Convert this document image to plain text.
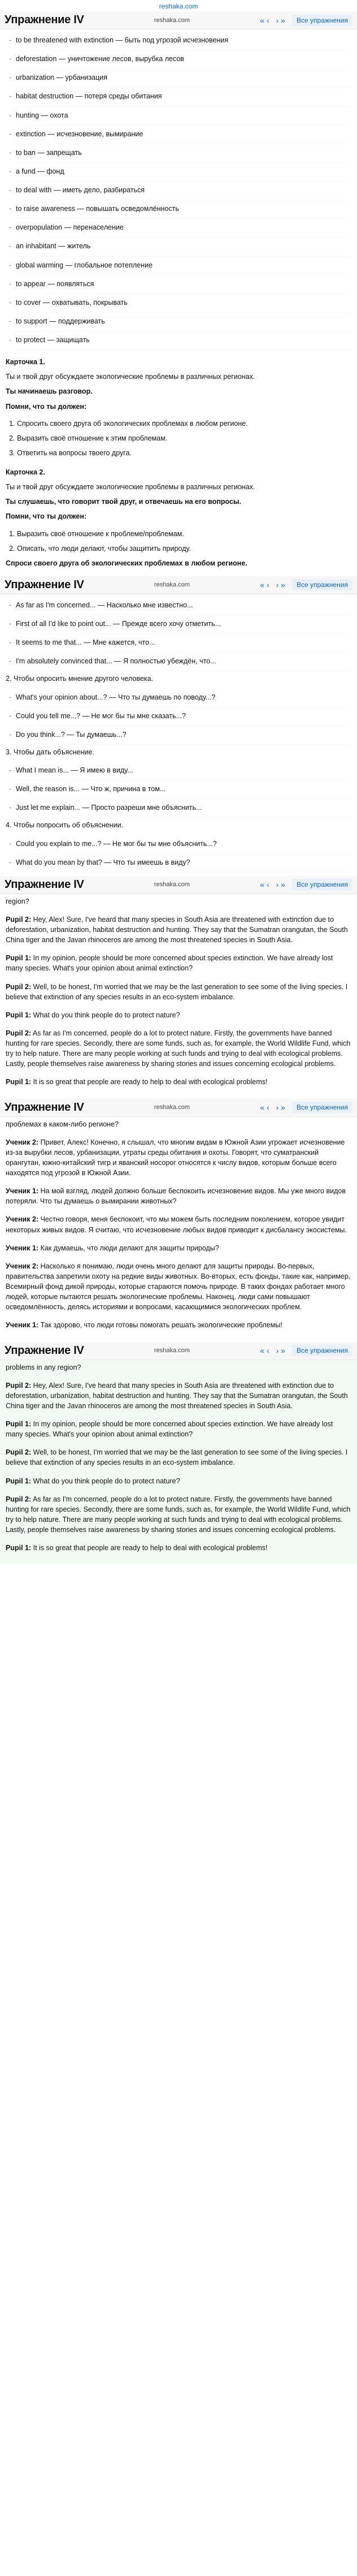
reshaka.com
Упражнение IV	reshaka.com	« ‹ › »	Все упражнения
- to be threatened with extinction — быть под угрозой исчезновения
- deforestation — уничтожение лесов, вырубка лесов
- urbanization — урбанизация
- habitat destruction — потеря среды обитания
- hunting — охота
- extinction — исчезновение, вымирание
- to ban — запрещать
- a fund — фонд
- to deal with — иметь дело, разбираться
- to raise awareness — повышать осведомлённость
- overpopulation — перенаселение
- an inhabitant — житель
- global warming — глобальное потепление
- to appear — появляться
- to cover — охватывать, покрывать
- to support — поддерживать
- to protect — защищать

Карточка 1.

Ты и твой друг обсуждаете экологические проблемы в различных регионах.

Ты начинаешь разговор.

Помни, что ты должен:

1. Спросить своего друга об экологических проблемах в любом регионе.
2. Выразить своё отношение к этим проблемам.
3. Ответить на вопросы твоего друга.

Карточка 2.

Ты и твой друг обсуждаете экологические проблемы в различных регионах.

Ты слушаешь, что говорит твой друг, и отвечаешь на его вопросы.

Помни, что ты должен:

1. Выразить своё отношение к проблеме/проблемам.
2. Описать, что люди делают, чтобы защитить природу.

Спроси своего друга об экологических проблемах в любом регионе.

Упражнение IV	reshaka.com	« ‹ › »	Все упражнения
- As far as I'm concerned... — Насколько мне известно...
- First of all I'd like to point out... — Прежде всего хочу отметить...
- It seems to me that... — Мне кажется, что...
- I'm absolutely convinced that... — Я полностью убеждён, что...

2. Чтобы опросить мнение другого человека.

- What's your opinion about...? — Что ты думаешь по поводу...?
- Could you tell me...? — Не мог бы ты мне сказать...?
- Do you think...? — Ты думаешь...?

3. Чтобы дать объяснение.

- What I mean is... — Я имею в виду...
- Well, the reason is... — Что ж, причина в том...
- Just let me explain... — Просто разреши мне объяснить...

4. Чтобы попросить об объяснении.

- Could you explain to me...? — Не мог бы ты мне объяснить...?
- What do you mean by that? — Что ты имеешь в виду?
Упражнение IV	reshaka.com	« ‹ › »	Все упражнения

region?

Pupil 2: Hey, Alex! Sure, I've heard that many species in South Asia are threatened with extinction due to deforestation, urbanization, habitat destruction and hunting. They say that the Sumatran orangutan, the South China tiger and the Javan rhinoceros are among the most threatened species in South Asia.

Pupil 1: In my opinion, people should be more concerned about species extinction. We have already lost many species. What's your opinion about animal extinction?

Pupil 2: Well, to be honest, I'm worried that we may be the last generation to see some of the living species. I believe that extinction of any species results in an eco-system imbalance.

Pupil 1: What do you think people do to protect nature?

Pupil 2: As far as I'm concerned, people do a lot to protect nature. Firstly, the governments have banned hunting for rare species. Secondly, there are some funds, such as, for example, the World Wildlife Fund, which try to help nature. There are many people working at such funds and trying to deal with ecological problems. Lastly, people themselves raise awareness by sharing stories and issues concerning ecological problems.

Pupil 1: It is so great that people are ready to help to deal with ecological problems!

Упражнение IV	reshaka.com	« ‹ › »	Все упражнения

проблемах в каком-либо регионе?

Ученик 2: Привет, Алекс! Конечно, я слышал, что многим видам в Южной Азии угрожает исчезновение из-за вырубки лесов, урбанизации, утраты среды обитания и охоты. Говорят, что суматранский орангутан, южно-китайский тигр и яванский носорог относятся к числу видов, которым больше всего находятся под угрозой в Южной Азии.

Ученик 1: На мой взгляд, людей должно больше беспокоить исчезновение видов. Мы уже много видов потеряли. Что ты думаешь о вымирании животных?

Ученик 2: Честно говоря, меня беспокоит, что мы можем быть последним поколением, которое увидит некоторых живых видов. Я считаю, что исчезновение любых видов приводит к дисбалансу экосистемы.

Ученик 1: Как думаешь, что люди делают для защиты природы?

Ученик 2: Насколько я понимаю, люди очень много делают для защиты природы. Во-первых, правительства запретили охоту на редкие виды животных. Во-вторых, есть фонды, такие как, например, Всемирный фонд дикой природы, которые стараются помочь природе. В таких фондах работает много людей, которые пытаются решать экологические проблемы. Наконец, люди сами повышают осведомлённость, делясь историями и вопросами, касающимися экологических проблем.

Ученик 1: Так здорово, что люди готовы помогать решать экологические проблемы!

Упражнение IV	reshaka.com	« ‹ › »	Все упражнения

problems in any region?

Pupil 2: Hey, Alex! Sure, I've heard that many species in South Asia are threatened with extinction due to deforestation, urbanization, habitat destruction and hunting. They say that the Sumatran orangutan, the South China tiger and the Javan rhinoceros are among the most threatened species in South Asia.

Pupil 1: In my opinion, people should be more concerned about species extinction. We have already lost many species. What's your opinion about animal extinction?

Pupil 2: Well, to be honest, I'm worried that we may be the last generation to see some of the living species. I believe that extinction of any species results in an eco-system imbalance.

Pupil 1: What do you think people do to protect nature?

Pupil 2: As far as I'm concerned, people do a lot to protect nature. Firstly, the governments have banned hunting for rare species. Secondly, there are some funds, such as, for example, the World Wildlife Fund, which try to help nature. There are many people working at such funds and trying to deal with ecological problems. Lastly, people themselves raise awareness by sharing stories and issues concerning ecological problems.

Pupil 1: It is so great that people are ready to help to deal with ecological problems!
